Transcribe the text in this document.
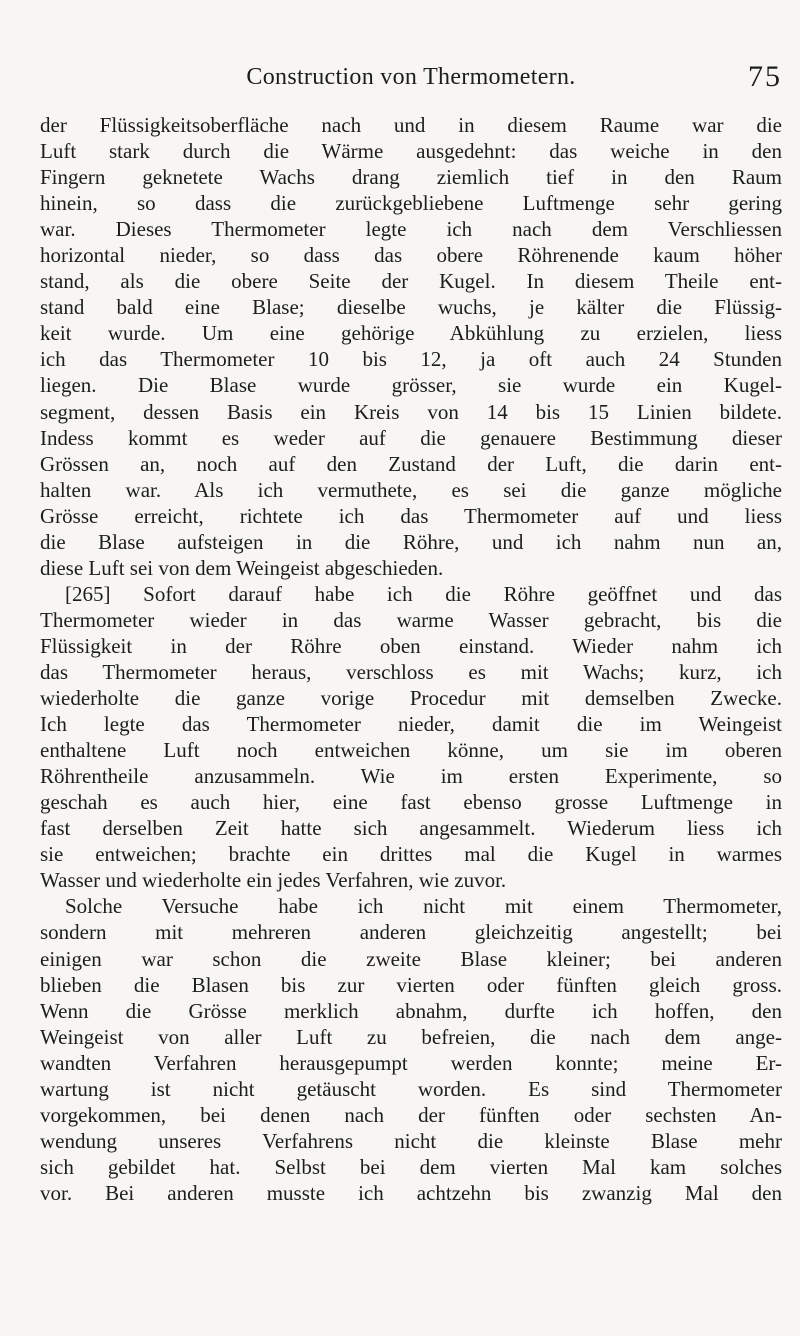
Construction von Thermometern.	75
der Flüssigkeitsoberfläche nach und in diesem Raume war die
Luft stark durch die Wärme ausgedehnt: das weiche in den
Fingern geknetete Wachs drang ziemlich tief in den Raum
hinein, so dass die zurückgebliebene Luftmenge sehr gering
war. Dieses Thermometer legte ich nach dem Verschliessen
horizontal nieder, so dass das obere Röhrenende kaum höher
stand, als die obere Seite der Kugel. In diesem Theile ent-
stand bald eine Blase; dieselbe wuchs, je kälter die Flüssig-
keit wurde. Um eine gehörige Abkühlung zu erzielen, liess
ich das Thermometer 10 bis 12, ja oft auch 24 Stunden
liegen. Die Blase wurde grösser, sie wurde ein Kugel-
segment, dessen Basis ein Kreis von 14 bis 15 Linien bildete.
Indess kommt es weder auf die genauere Bestimmung dieser
Grössen an, noch auf den Zustand der Luft, die darin ent-
halten war. Als ich vermuthete, es sei die ganze mögliche
Grösse erreicht, richtete ich das Thermometer auf und liess
die Blase aufsteigen in die Röhre, und ich nahm nun an,
diese Luft sei von dem Weingeist abgeschieden.
[265] Sofort darauf habe ich die Röhre geöffnet und das
Thermometer wieder in das warme Wasser gebracht, bis die
Flüssigkeit in der Röhre oben einstand. Wieder nahm ich
das Thermometer heraus, verschloss es mit Wachs; kurz, ich
wiederholte die ganze vorige Procedur mit demselben Zwecke.
Ich legte das Thermometer nieder, damit die im Weingeist
enthaltene Luft noch entweichen könne, um sie im oberen
Röhrentheile anzusammeln. Wie im ersten Experimente, so
geschah es auch hier, eine fast ebenso grosse Luftmenge in
fast derselben Zeit hatte sich angesammelt. Wiederum liess ich
sie entweichen; brachte ein drittes mal die Kugel in warmes
Wasser und wiederholte ein jedes Verfahren, wie zuvor.
Solche Versuche habe ich nicht mit einem Thermometer,
sondern mit mehreren anderen gleichzeitig angestellt; bei
einigen war schon die zweite Blase kleiner; bei anderen
blieben die Blasen bis zur vierten oder fünften gleich gross.
Wenn die Grösse merklich abnahm, durfte ich hoffen, den
Weingeist von aller Luft zu befreien, die nach dem ange-
wandten Verfahren herausgepumpt werden konnte; meine Er-
wartung ist nicht getäuscht worden. Es sind Thermometer
vorgekommen, bei denen nach der fünften oder sechsten An-
wendung unseres Verfahrens nicht die kleinste Blase mehr
sich gebildet hat. Selbst bei dem vierten Mal kam solches
vor. Bei anderen musste ich achtzehn bis zwanzig Mal den
